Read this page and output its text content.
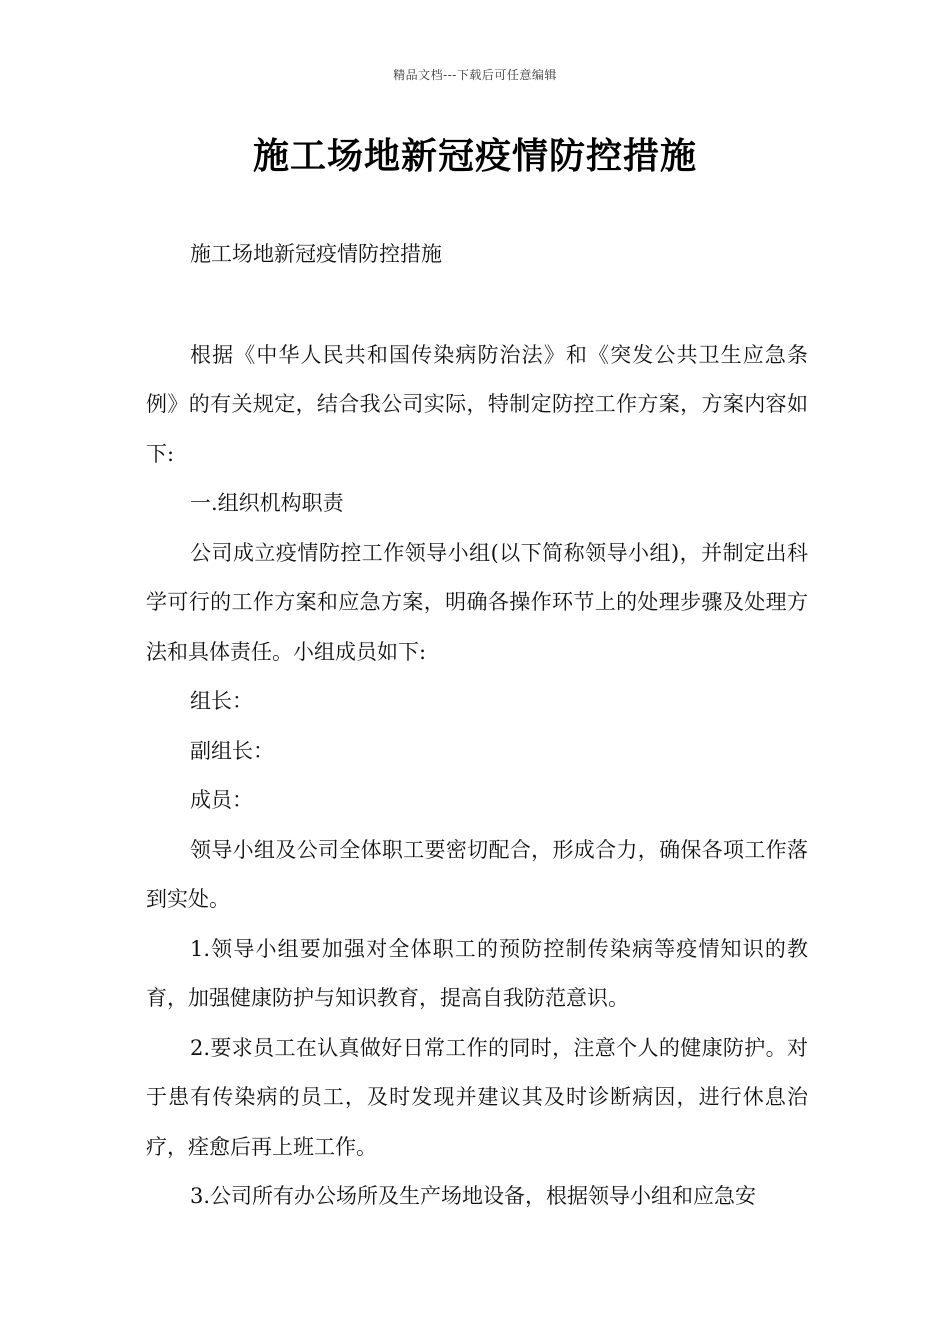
精品文档---下载后可任意编辑
施工场地新冠疫情防控措施

施工场地新冠疫情防控措施

根据《中华人民共和国传染病防治法》和《突发公共卫生应急条例》的有关规定，结合我公司实际，特制定防控工作方案，方案内容如下:

一.组织机构职责

公司成立疫情防控工作领导小组(以下简称领导小组)，并制定出科学可行的工作方案和应急方案，明确各操作环节上的处理步骤及处理方法和具体责任。小组成员如下:

组长：

副组长：

成员：

领导小组及公司全体职工要密切配合，形成合力，确保各项工作落到实处。

1.领导小组要加强对全体职工的预防控制传染病等疫情知识的教育，加强健康防护与知识教育，提高自我防范意识。

2.要求员工在认真做好日常工作的同时，注意个人的健康防护。对于患有传染病的员工，及时发现并建议其及时诊断病因，进行休息治疗，痊愈后再上班工作。

3.公司所有办公场所及生产场地设备，根据领导小组和应急安
